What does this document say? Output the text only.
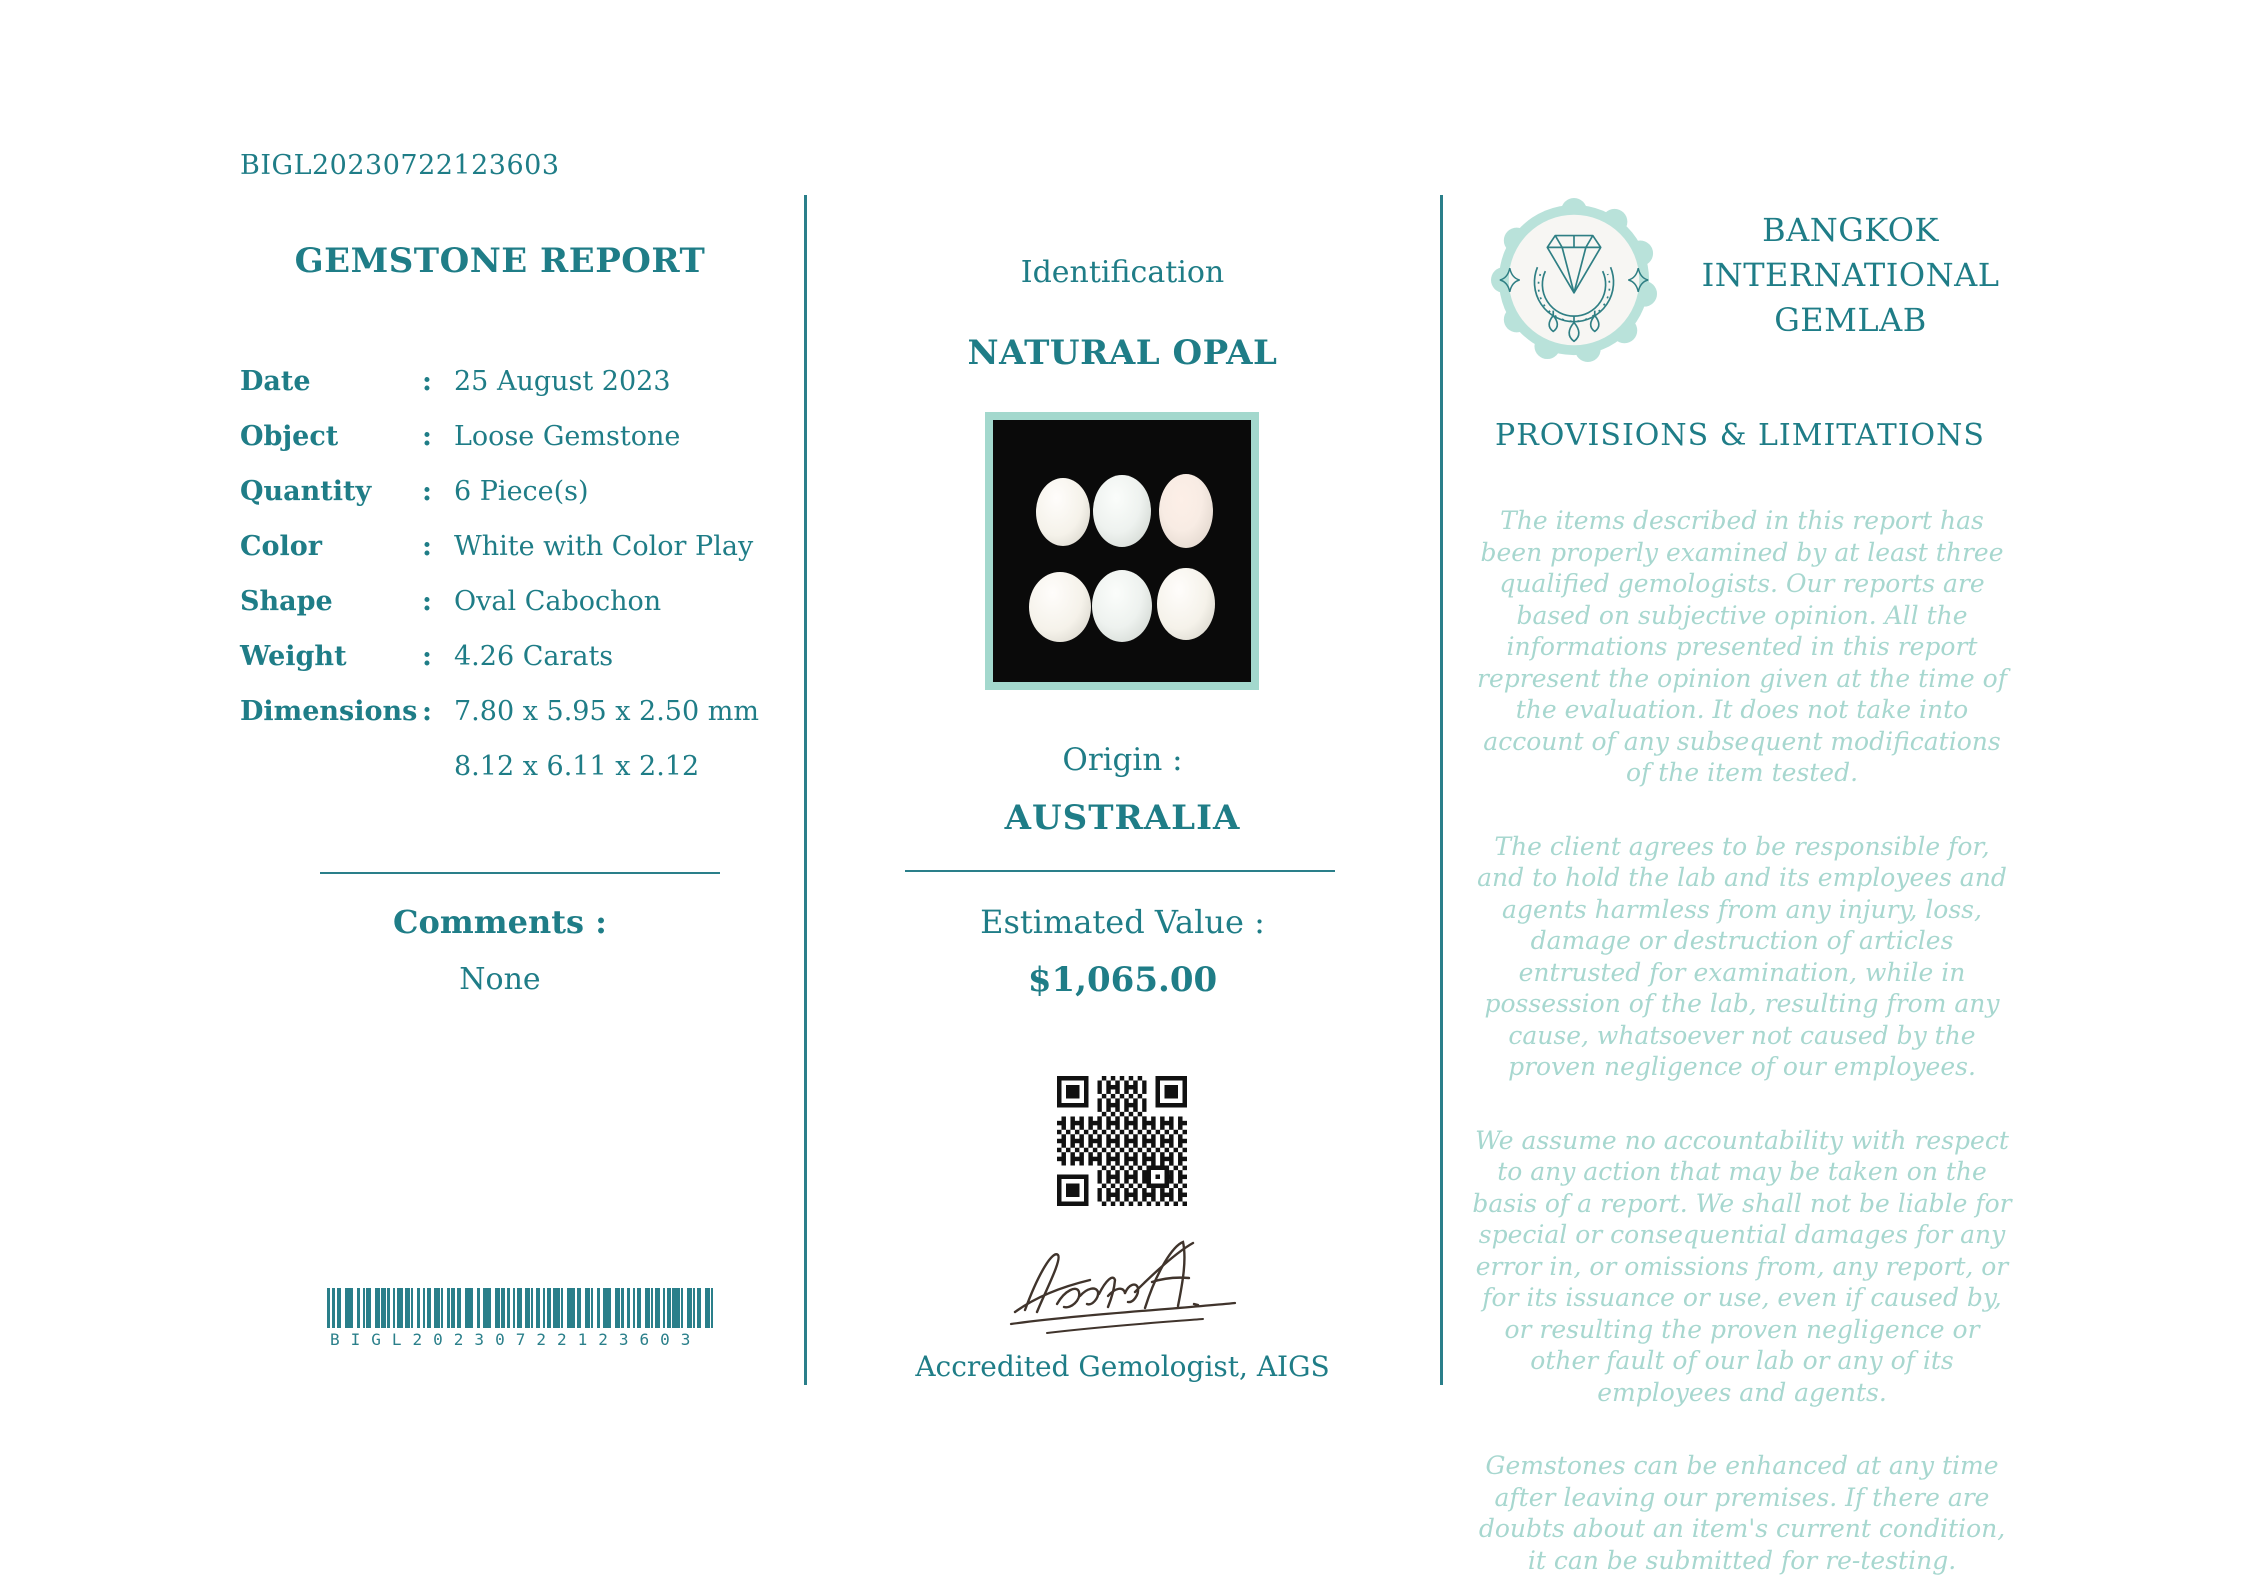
BIGL20230722123603
GEMSTONE REPORT
Date	: 25 August 2023
Object	: Loose Gemstone
Quantity	: 6 Piece(s)
Color	: White with Color Play
Shape	: Oval Cabochon
Weight	: 4.26 Carats
Dimensions : 7.80 x 5.95 x 2.50 mm
8.12 x 6.11 x 2.12
Comments :
None
BIGL20230722123603
Identification
NATURAL OPAL
Origin :
AUSTRALIA
Estimated Value :
$1,065.00
Accredited Gemologist, AIGS
BANGKOK
INTERNATIONAL
GEMLAB
PROVISIONS & LIMITATIONS

The items described in this report has been properly examined by at least three qualified gemologists. Our reports are based on subjective opinion. All the informations presented in this report represent the opinion given at the time of the evaluation. It does not take into account of any subsequent modifications of the item tested.

The client agrees to be responsible for, and to hold the lab and its employees and agents harmless from any injury, loss, damage or destruction of articles entrusted for examination, while in possession of the lab, resulting from any cause, whatsoever not caused by the proven negligence of our employees.

We assume no accountability with respect to any action that may be taken on the basis of a report. We shall not be liable for special or consequential damages for any error in, or omissions from, any report, or for its issuance or use, even if caused by, or resulting the proven negligence or other fault of our lab or any of its employees and agents.

Gemstones can be enhanced at any time after leaving our premises. If there are doubts about an item's current condition, it can be submitted for re-testing.
